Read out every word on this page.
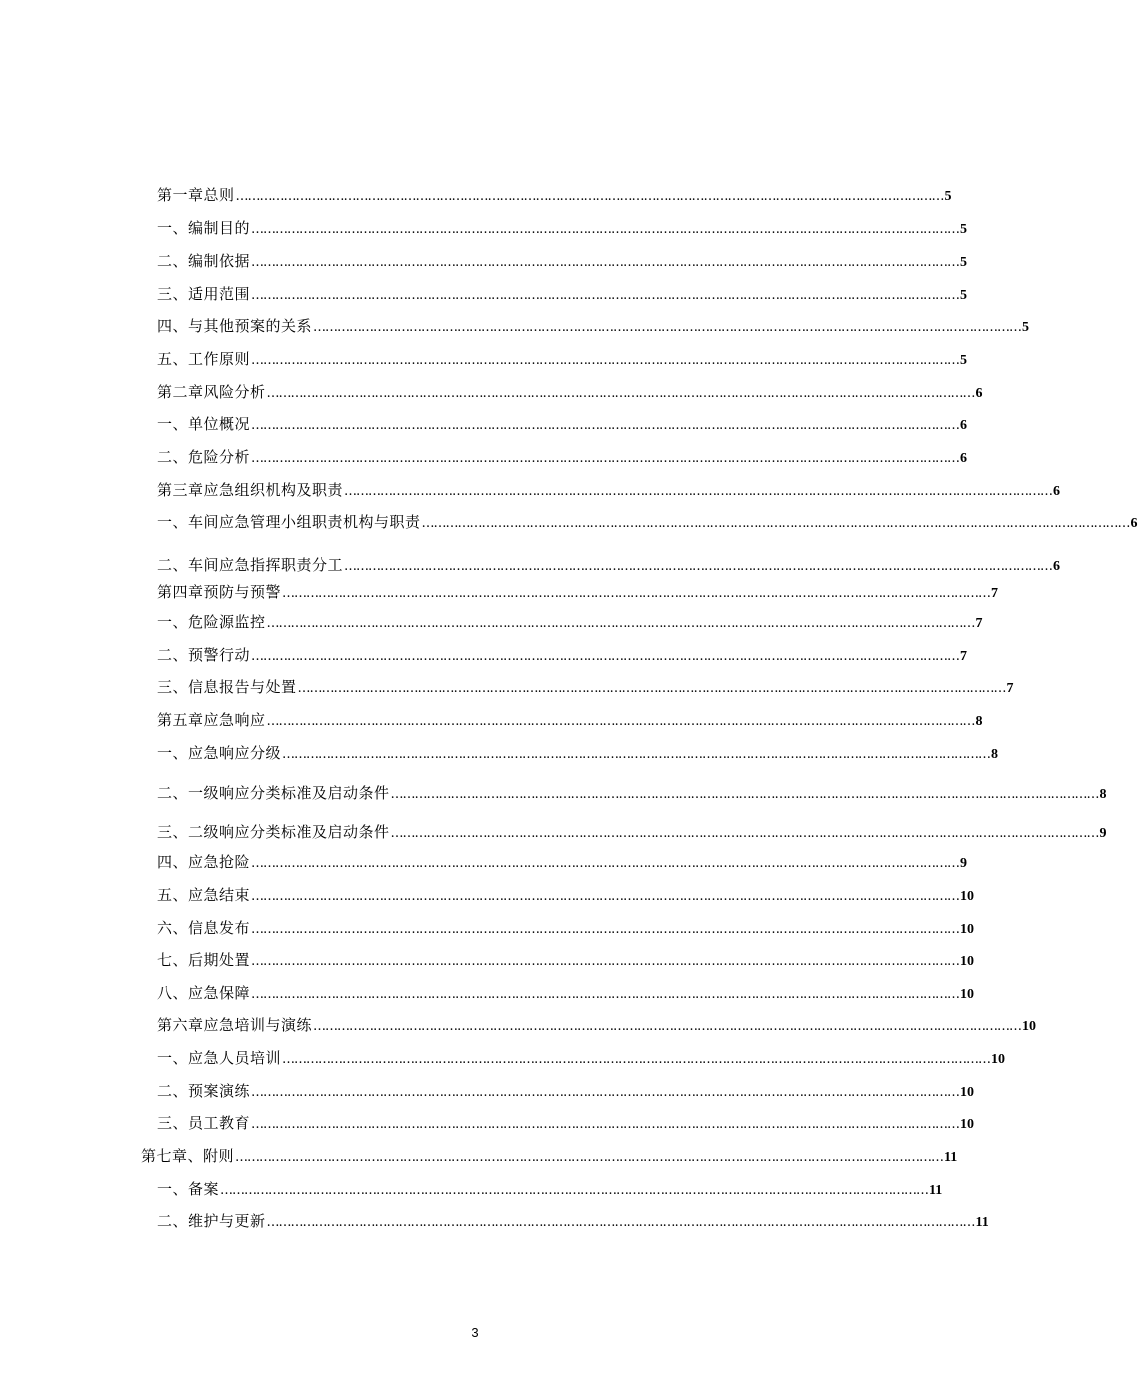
第一章总则 …………………………………………………………………………………………………………………………………………………………… 5
一、编制目的 …………………………………………………………………………………………………………………………………………………………… 5
二、编制依据 …………………………………………………………………………………………………………………………………………………………… 5
三、适用范围 …………………………………………………………………………………………………………………………………………………………… 5
四、与其他预案的关系 …………………………………………………………………………………………………………………………………………………………… 5
五、工作原则 …………………………………………………………………………………………………………………………………………………………… 5
第二章风险分析 …………………………………………………………………………………………………………………………………………………………… 6
一、单位概况 …………………………………………………………………………………………………………………………………………………………… 6
二、危险分析 …………………………………………………………………………………………………………………………………………………………… 6
第三章应急组织机构及职责 …………………………………………………………………………………………………………………………………………………………… 6
一、车间应急管理小组职责机构与职责 …………………………………………………………………………………………………………………………………………………………… 6
二、车间应急指挥职责分工 …………………………………………………………………………………………………………………………………………………………… 6
第四章预防与预警 …………………………………………………………………………………………………………………………………………………………… 7
一、危险源监控 …………………………………………………………………………………………………………………………………………………………… 7
二、预警行动 …………………………………………………………………………………………………………………………………………………………… 7
三、信息报告与处置 …………………………………………………………………………………………………………………………………………………………… 7
第五章应急响应 …………………………………………………………………………………………………………………………………………………………… 8
一、应急响应分级 …………………………………………………………………………………………………………………………………………………………… 8
二、一级响应分类标准及启动条件 …………………………………………………………………………………………………………………………………………………………… 8
三、二级响应分类标准及启动条件 …………………………………………………………………………………………………………………………………………………………… 9
四、应急抢险 …………………………………………………………………………………………………………………………………………………………… 9
五、应急结束 …………………………………………………………………………………………………………………………………………………………… 10
六、信息发布 …………………………………………………………………………………………………………………………………………………………… 10
七、后期处置 …………………………………………………………………………………………………………………………………………………………… 10
八、应急保障 …………………………………………………………………………………………………………………………………………………………… 10
第六章应急培训与演练 …………………………………………………………………………………………………………………………………………………………… 10
一、应急人员培训 …………………………………………………………………………………………………………………………………………………………… 10
二、预案演练 …………………………………………………………………………………………………………………………………………………………… 10
三、员工教育 …………………………………………………………………………………………………………………………………………………………… 10
第七章、附则 …………………………………………………………………………………………………………………………………………………………… 11
一、备案 …………………………………………………………………………………………………………………………………………………………… 11
二、维护与更新 …………………………………………………………………………………………………………………………………………………………… 11
3
